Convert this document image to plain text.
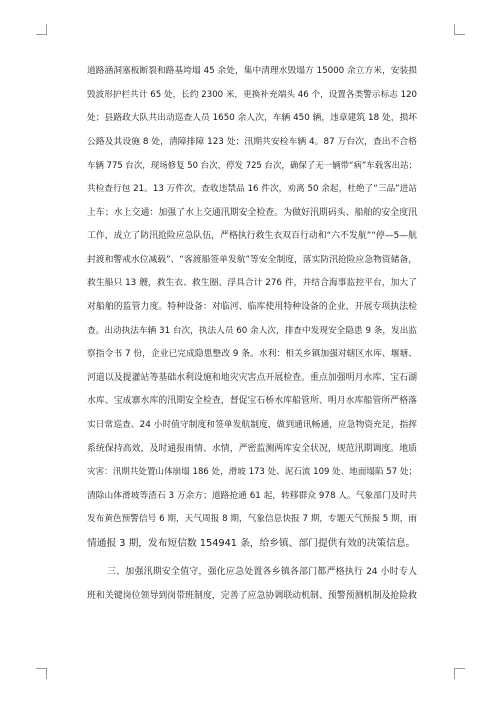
道路涵洞塞板断裂和路基垮塌 45 余处，集中清理水毁塌方 15000 余立方米，安装损
毁波形护栏共计 65 处，长约 2300 米，更换补充端头 46 个，设置各类警示标志 120
处；县路政大队共出动巡查人员 1650 余人次，车辆 450 辆，违章建筑 18 处，损坏
公路及其设施 8 处，清障排障 123 处；汛期共安检车辆 4。87 万台次，查出不合格
车辆 775 台次，现场修复 50 台次，停发 725 台次，确保了无一辆带“病”车载客出站；
共检查行包 21。13 万件次，查收违禁品 16 件次，劝离 50 余起，杜绝了“三品”进站
上车；水上交通：加强了水上交通汛期安全检查。为做好汛期码头、船舶的安全度汛
工作，成立了防汛抢险应急队伍，严格执行救生衣双百行动和“六不发航”“停—5—航
封渡和警戒水位减载”、“客渡船签单发航”等安全制度，落实防汛抢险应急物资储备，
救生船只 13 艘，救生衣、救生圈、浮具合计 276 件，并结合海事监控平台，加大了
对船舶的监管力度。特种设备：对临河、临库使用特种设备的企业，开展专项执法检
查。出动执法车辆 31 台次，执法人员 60 余人次，排查中发现安全隐患 9 条，发出监
察指令书 7 份，企业已完成隐患整改 9 条。水利：相关乡镇加强对辖区水库、堰塘、
河道以及提灌站等基础水利设施和地灾灾害点开展检查。重点加强明月水库、宝石湖
水库、宝成寨水库的汛期安全检查，督促宝石桥水库船管所、明月水库船管所严格落
实日常巡查、24 小时值守制度和签单发航制度，做到通讯畅通，应急物资充足，指挥
系统保持高效，及时通报雨情、水情，严密监测两库安全状况，规范汛期调度。地质
灾害：汛期共处置山体崩塌 186 处，滑坡 173 处、泥石流 109 处、地面塌陷 57 处；
清除山体滑坡等渣石 3 万余方；道路抢通 61 起，转移群众 978 人。气象部门及时共
发布黄色预警信号 6 期，天气周报 8 期，气象信息快报 7 期，专题天气预报 5 期，雨
情通报 3 期，发布短信数 154941 条，给乡镇、部门提供有效的决策信息。
三、加强汛期安全值守，强化应急处置各乡镇各部门都严格执行 24 小时专人
班和关键岗位领导到岗带班制度，完善了应急协调联动机制、预警预测机制及抢险救
